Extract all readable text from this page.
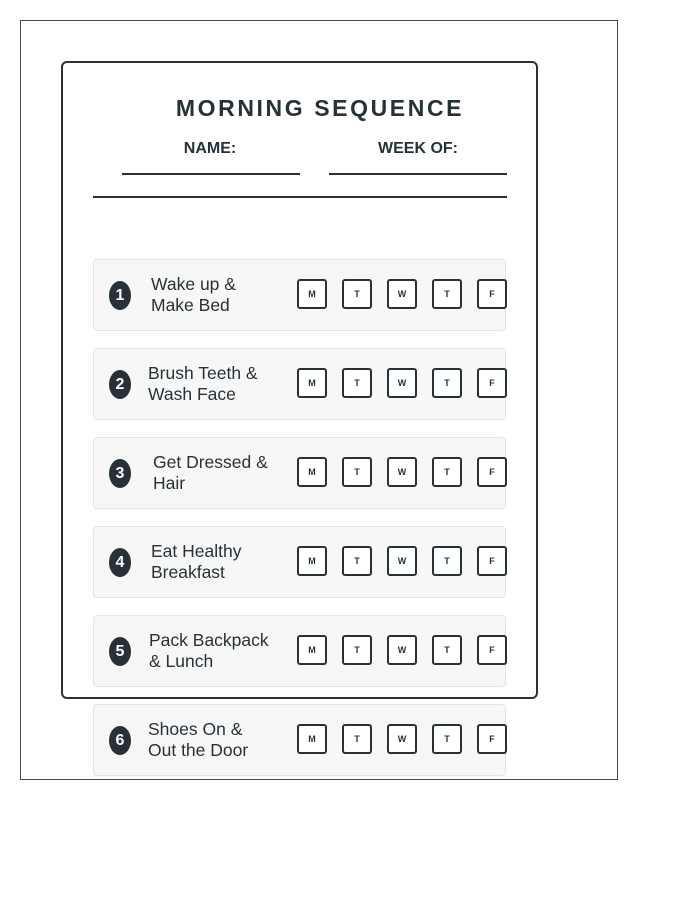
MORNING SEQUENCE
NAME:	WEEK OF:
1
Wake up &
Make Bed
M	T	W	T	F
2
Brush Teeth &
Wash Face
M	T	W	T	F
3
Get Dressed &
Hair
M	T	W	T	F
4
Eat Healthy
Breakfast
M	T	W	T	F
5
Pack Backpack
& Lunch
M	T	W	T	F
6
Shoes On &
Out the Door
M	T	W	T	F
